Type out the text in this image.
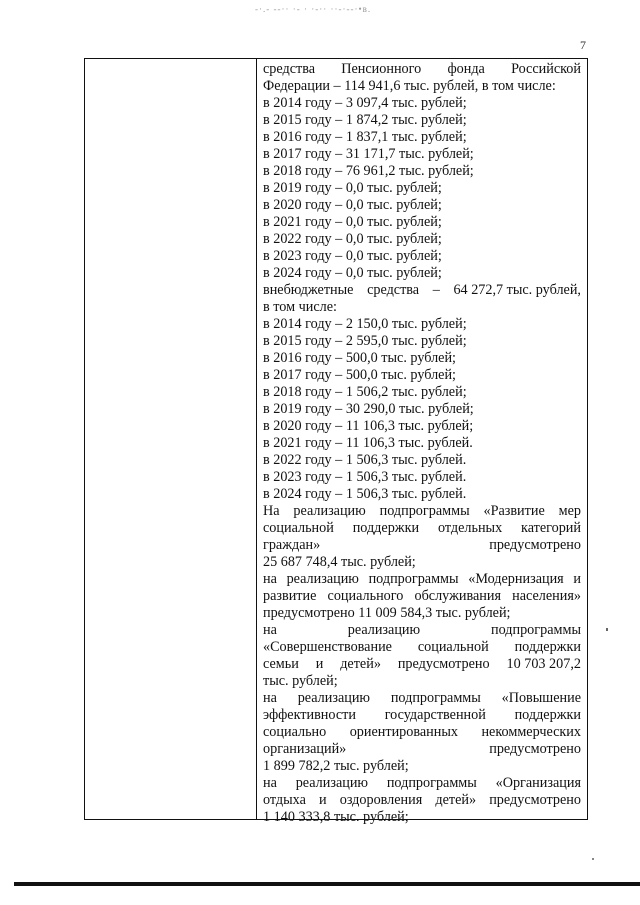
-·.- --·· ·- · ·-·· ··-·--·•в.
7
средства Пенсионного фонда Российской
Федерации – 114 941,6 тыс. рублей, в том числе:
в 2014 году – 3 097,4 тыс. рублей;
в 2015 году – 1 874,2 тыс. рублей;
в 2016 году – 1 837,1 тыс. рублей;
в 2017 году – 31 171,7 тыс. рублей;
в 2018 году – 76 961,2 тыс. рублей;
в 2019 году – 0,0 тыс. рублей;
в 2020 году – 0,0 тыс. рублей;
в 2021 году – 0,0 тыс. рублей;
в 2022 году – 0,0 тыс. рублей;
в 2023 году – 0,0 тыс. рублей;
в 2024 году – 0,0 тыс. рублей;
внебюджетные средства – 64 272,7 тыс. рублей,
в том числе:
в 2014 году – 2 150,0 тыс. рублей;
в 2015 году – 2 595,0 тыс. рублей;
в 2016 году – 500,0 тыс. рублей;
в 2017 году – 500,0 тыс. рублей;
в 2018 году – 1 506,2 тыс. рублей;
в 2019 году – 30 290,0 тыс. рублей;
в 2020 году – 11 106,3 тыс. рублей;
в 2021 году – 11 106,3 тыс. рублей.
в 2022 году – 1 506,3 тыс. рублей.
в 2023 году – 1 506,3 тыс. рублей.
в 2024 году – 1 506,3 тыс. рублей.
На реализацию подпрограммы «Развитие мер
социальной поддержки отдельных категорий
граждан»	предусмотрено
25 687 748,4 тыс. рублей;
на реализацию подпрограммы «Модернизация и
развитие социального обслуживания населения»
предусмотрено 11 009 584,3 тыс. рублей;
на	реализацию	подпрограммы
«Совершенствование социальной поддержки
семьи и детей» предусмотрено 10 703 207,2
тыс. рублей;
на реализацию подпрограммы «Повышение
эффективности государственной поддержки
социально ориентированных некоммерческих
организаций»	предусмотрено
1 899 782,2 тыс. рублей;
на реализацию подпрограммы «Организация
отдыха и оздоровления детей» предусмотрено
1 140 333,8 тыс. рублей;
